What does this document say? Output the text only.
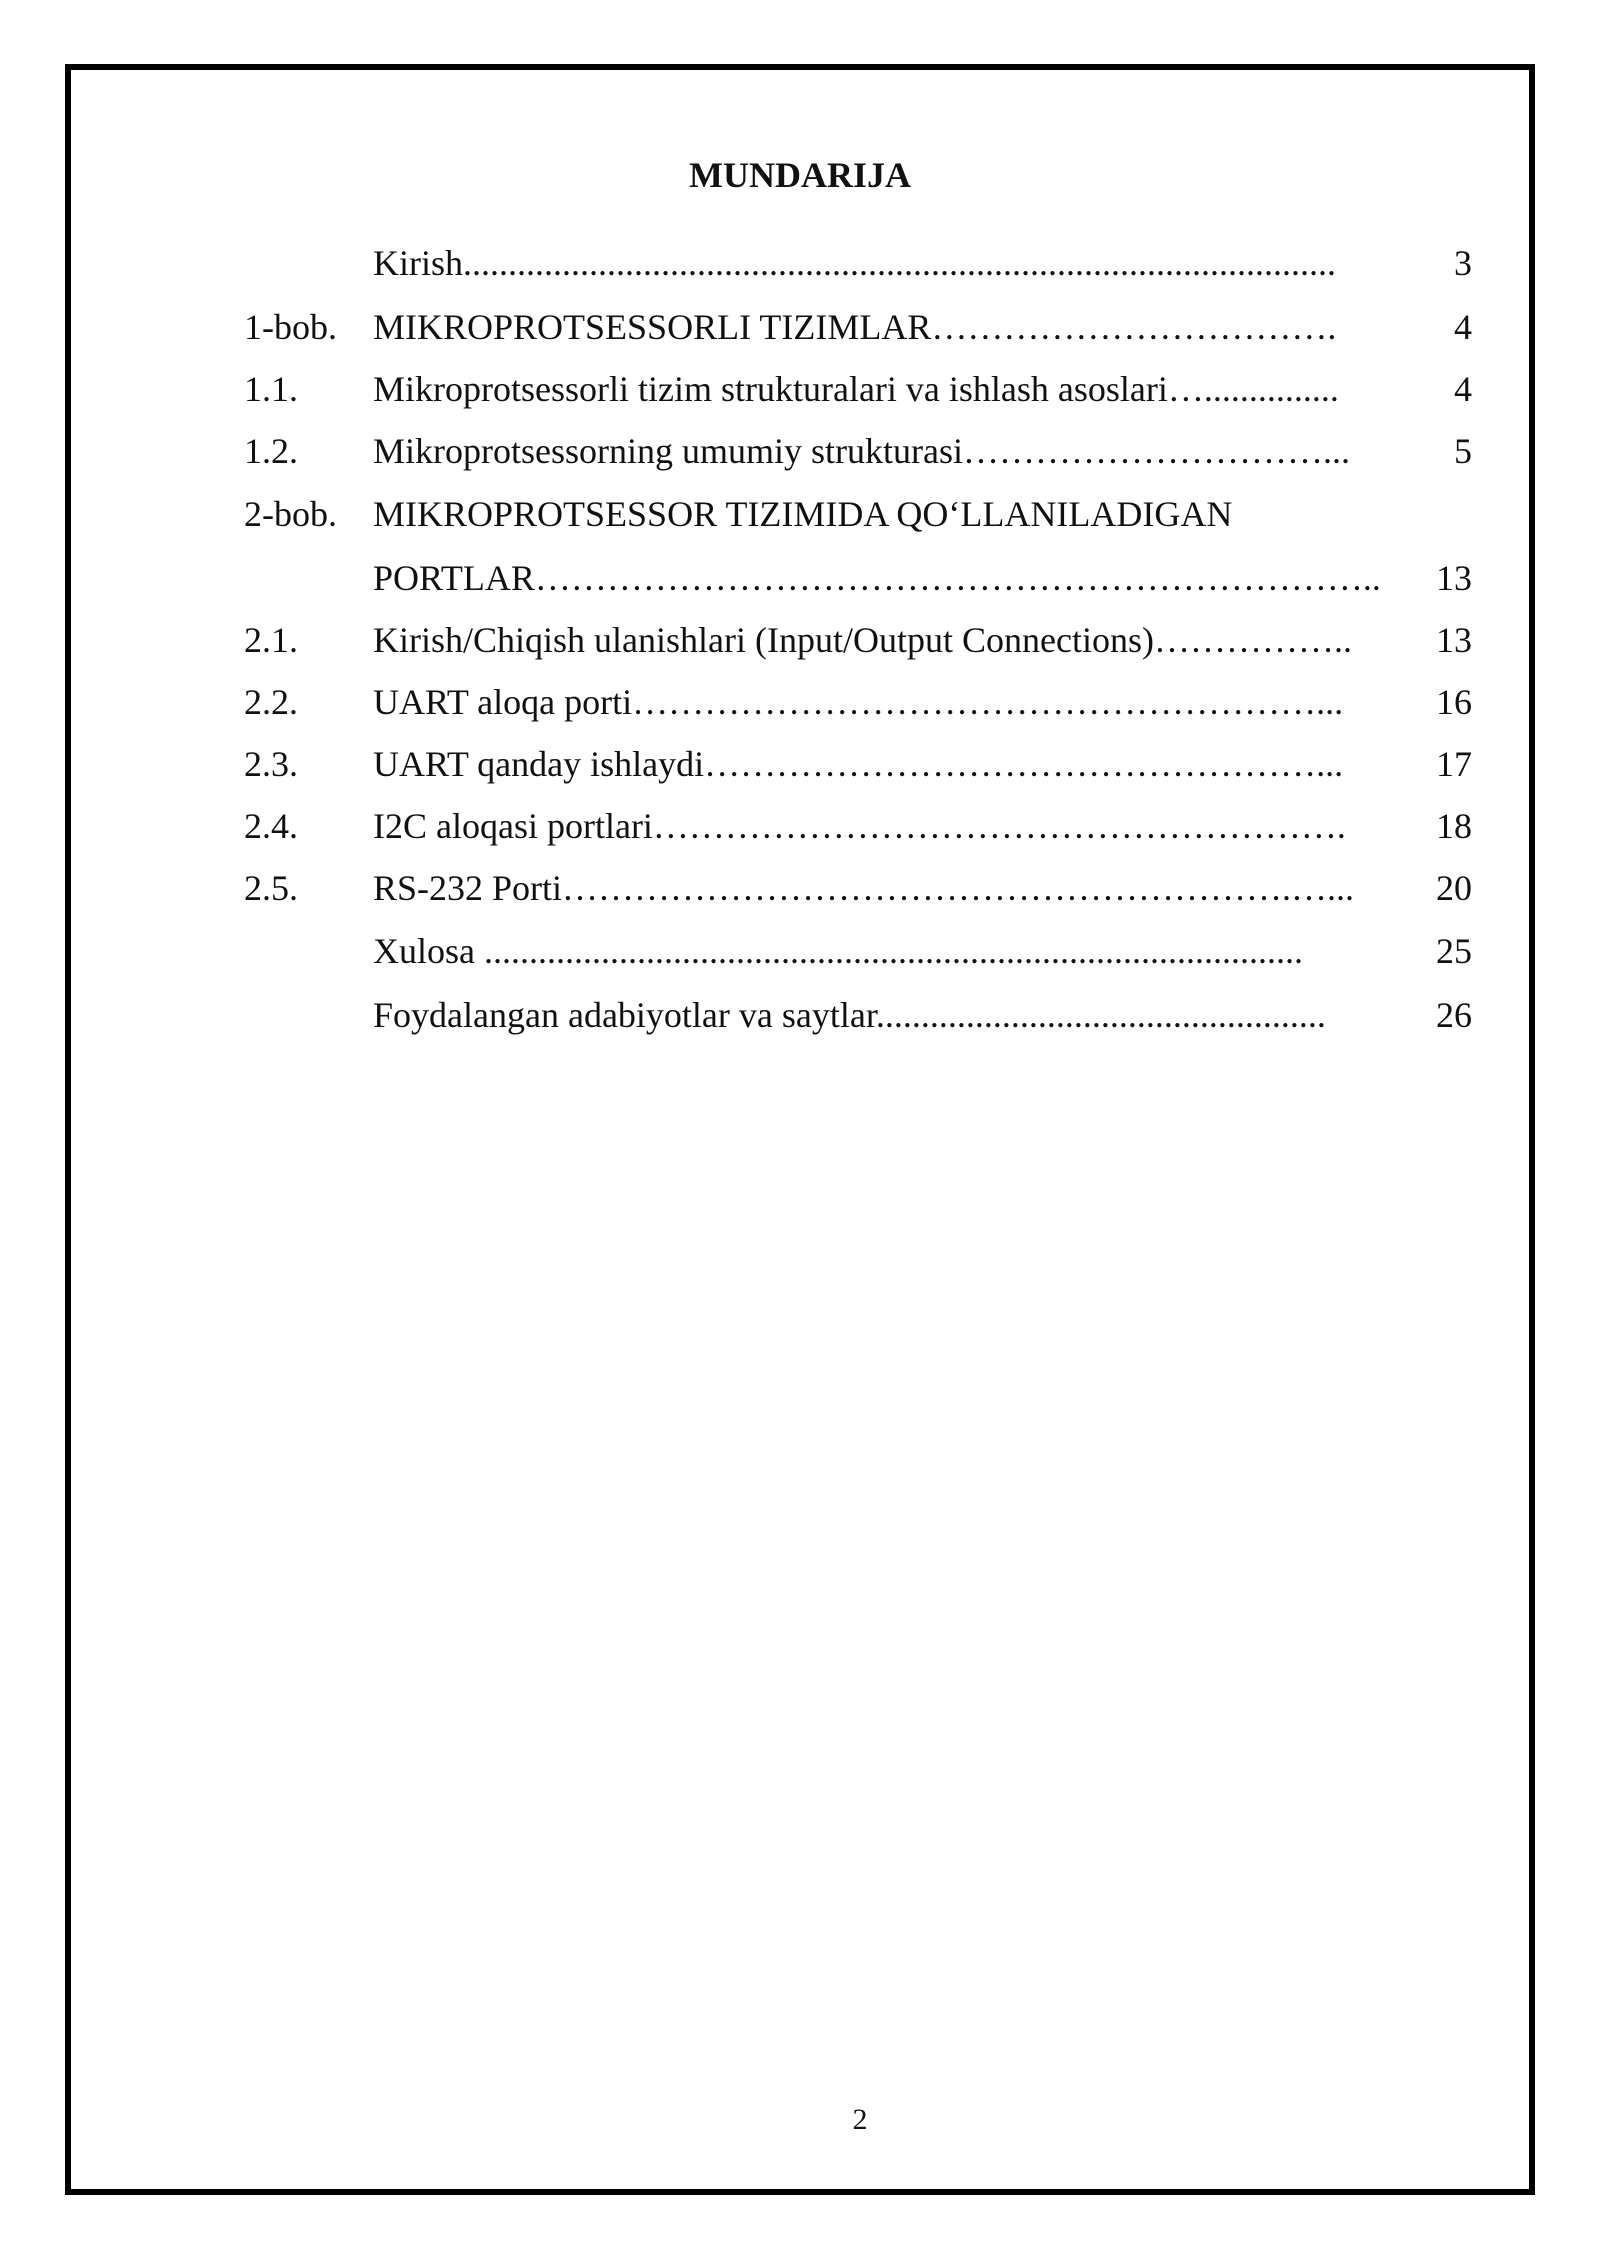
MUNDARIJA
Kirish.................................................................................................	3
1-bob. MIKROPROTSESSORLI TIZIMLAR…………………………….	4
1.1. Mikroprotsessorli tizim strukturalari va ishlash asoslari…...............	4
1.2. Mikroprotsessorning umumiy strukturasi…………………………...	5
2-bob. MIKROPROTSESSOR TIZIMIDA QO‘LLANILADIGAN
PORTLAR……………………………………………………………..	13
2.1. Kirish/Chiqish ulanishlari (Input/Output Connections)……………..	13
2.2. UART aloqa porti…………………………………………………...	16
2.3. UART qanday ishlaydi……………………………………………...	17
2.4. I2C aloqasi portlari………………………………………………….	18
2.5. RS-232 Porti…………………………………………………….…...	20
Xulosa ...........................................................................................	25
Foydalangan adabiyotlar va saytlar..................................................	26
2
